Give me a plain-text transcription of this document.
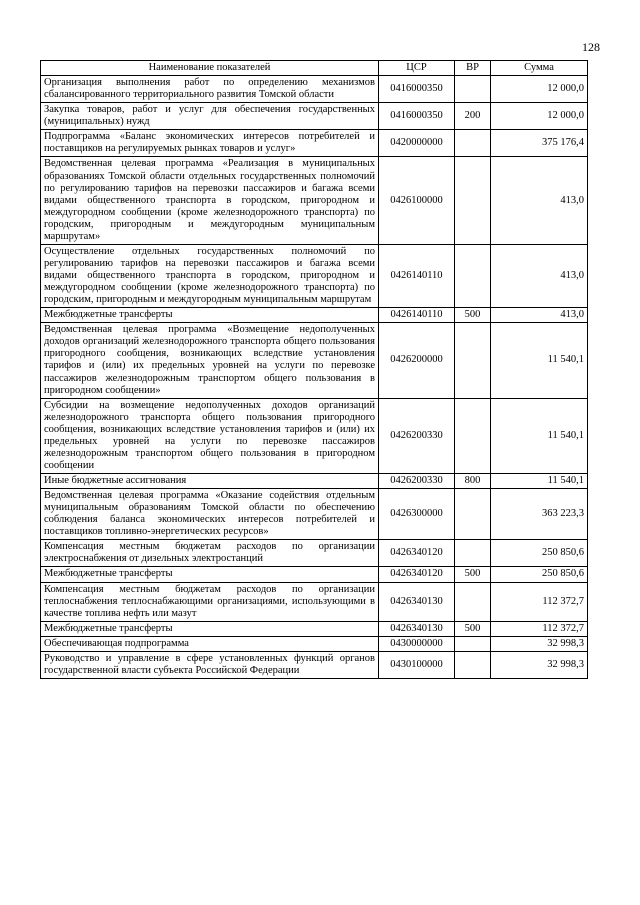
128
Наименование показателей	ЦСР	ВР	Сумма
Организация выполнения работ по определению механизмов сбалансированного территориального развития Томской области	0416000350		12 000,0
Закупка товаров, работ и услуг для обеспечения государственных (муниципальных) нужд	0416000350	200	12 000,0
Подпрограмма «Баланс экономических интересов потребителей и поставщиков на регулируемых рынках товаров и услуг»	0420000000		375 176,4
Ведомственная целевая программа «Реализация в муниципальных образованиях Томской области отдельных государственных полномочий по регулированию тарифов на перевозки пассажиров и багажа всеми видами общественного транспорта в городском, пригородном и междугородном сообщении (кроме железнодорожного транспорта) по городским, пригородным и междугородным муниципальным маршрутам»	0426100000		413,0
Осуществление отдельных государственных полномочий по регулированию тарифов на перевозки пассажиров и багажа всеми видами общественного транспорта в городском, пригородном и междугородном сообщении (кроме железнодорожного транспорта) по городским, пригородным и междугородным муниципальным маршрутам	0426140110		413,0
Межбюджетные трансферты	0426140110	500	413,0
Ведомственная целевая программа «Возмещение недополученных доходов организаций железнодорожного транспорта общего пользования пригородного сообщения, возникающих вследствие установления тарифов и (или) их предельных уровней на услуги по перевозке пассажиров железнодорожным транспортом общего пользования в пригородном сообщении»	0426200000		11 540,1
Субсидии на возмещение недополученных доходов организаций железнодорожного транспорта общего пользования пригородного сообщения, возникающих вследствие установления тарифов и (или) их предельных уровней на услуги по перевозке пассажиров железнодорожным транспортом общего пользования в пригородном сообщении	0426200330		11 540,1
Иные бюджетные ассигнования	0426200330	800	11 540,1
Ведомственная целевая программа «Оказание содействия отдельным муниципальным образованиям Томской области по обеспечению соблюдения баланса экономических интересов потребителей и поставщиков топливно-энергетических ресурсов»	0426300000		363 223,3
Компенсация местным бюджетам расходов по организации электроснабжения от дизельных электростанций	0426340120		250 850,6
Межбюджетные трансферты	0426340120	500	250 850,6
Компенсация местным бюджетам расходов по организации теплоснабжения теплоснабжающими организациями, использующими в качестве топлива нефть или мазут	0426340130		112 372,7
Межбюджетные трансферты	0426340130	500	112 372,7
Обеспечивающая подпрограмма	0430000000		32 998,3
Руководство и управление в сфере установленных функций органов государственной власти субъекта Российской Федерации	0430100000		32 998,3
